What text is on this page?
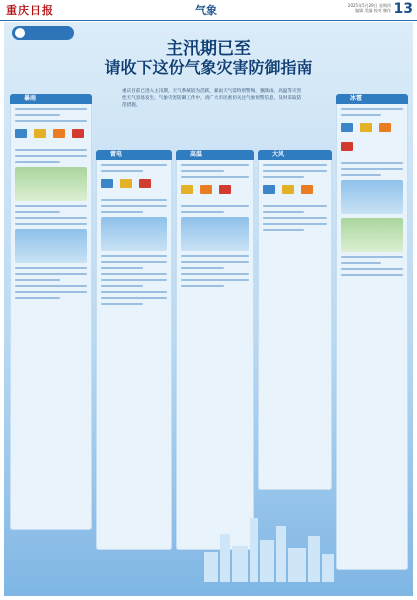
重庆日报	气象	2025年5月29日 星期四
编辑 美编 校对 制作 13
主汛期已至
请收下这份气象灾害防御指南
重庆目前已进入主汛期，天气系统较为活跃，暴雨天气需特别警惕，强降雨、高温等灾害性天气容易发生。气象灾害防御工作中，请广大市民密切关注气象预警信息，及时采取防范措施。
暴雨
雷电	高温	大风
冰雹
